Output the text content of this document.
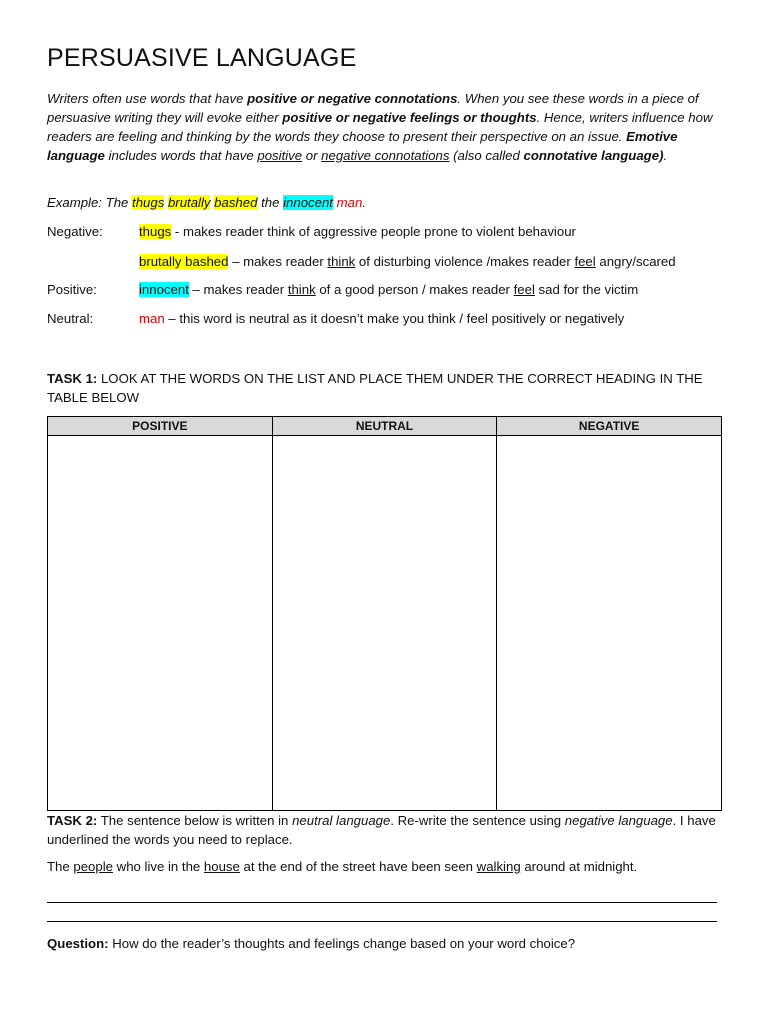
PERSUASIVE LANGUAGE
Writers often use words that have positive or negative connotations. When you see these words in a piece of persuasive writing they will evoke either positive or negative feelings or thoughts. Hence, writers influence how readers are feeling and thinking by the words they choose to present their perspective on an issue. Emotive language includes words that have positive or negative connotations (also called connotative language).
Example: The thugs brutally bashed the innocent man.
Negative:	thugs - makes reader think of aggressive people prone to violent behaviour
brutally bashed – makes reader think of disturbing violence /makes reader feel angry/scared
Positive:	innocent – makes reader think of a good person / makes reader feel sad for the victim
Neutral:	man – this word is neutral as it doesn’t make you think / feel positively or negatively
TASK 1: LOOK AT THE WORDS ON THE LIST AND PLACE THEM UNDER THE CORRECT HEADING IN THE TABLE BELOW
POSITIVE	NEUTRAL	NEGATIVE

TASK 2: The sentence below is written in neutral language. Re-write the sentence using negative language. I have underlined the words you need to replace.
The people who live in the house at the end of the street have been seen walking around at midnight.
Question: How do the reader’s thoughts and feelings change based on your word choice?
